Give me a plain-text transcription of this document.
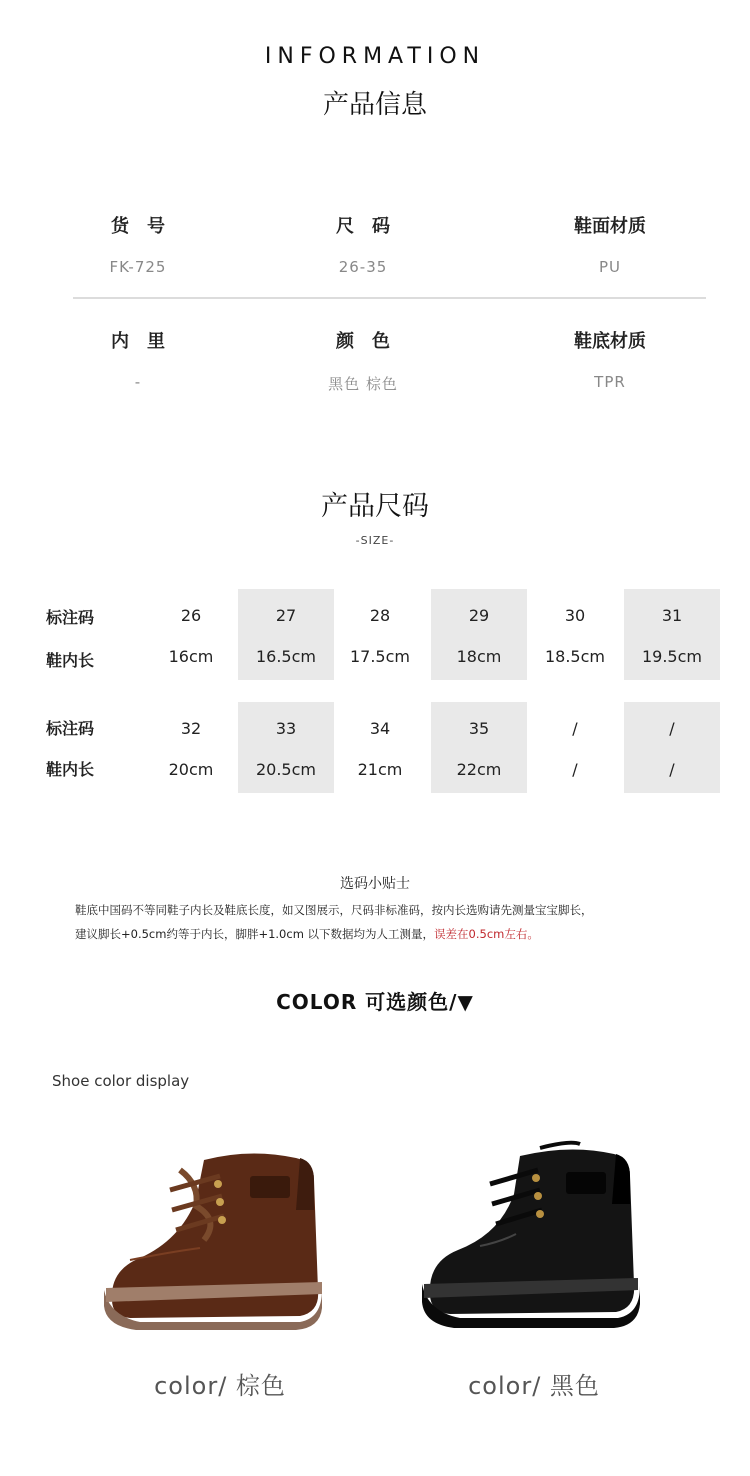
INFORMATION
产品信息
货　号
FK-725
尺　码
26-35
鞋面材质
PU
内　里
-
颜　色
黑色 棕色
鞋底材质
TPR
产品尺码
-SIZE-
标注码
鞋内长
26	27	28	29	30	31
16cm	16.5cm	17.5cm	18cm	18.5cm	19.5cm
标注码
鞋内长
32	33	34	35	/	/
20cm	20.5cm	21cm	22cm	/	/
选码小贴士
鞋底中国码不等同鞋子内长及鞋底长度，如又图展示，尺码非标准码，按内长选购请先测量宝宝脚长，
建议脚长+0.5cm约等于内长，脚胖+1.0cm 以下数据均为人工测量，误差在0.5cm左右。
COLOR 可选颜色/▼
Shoe color display
color/ 棕色	color/ 黑色
